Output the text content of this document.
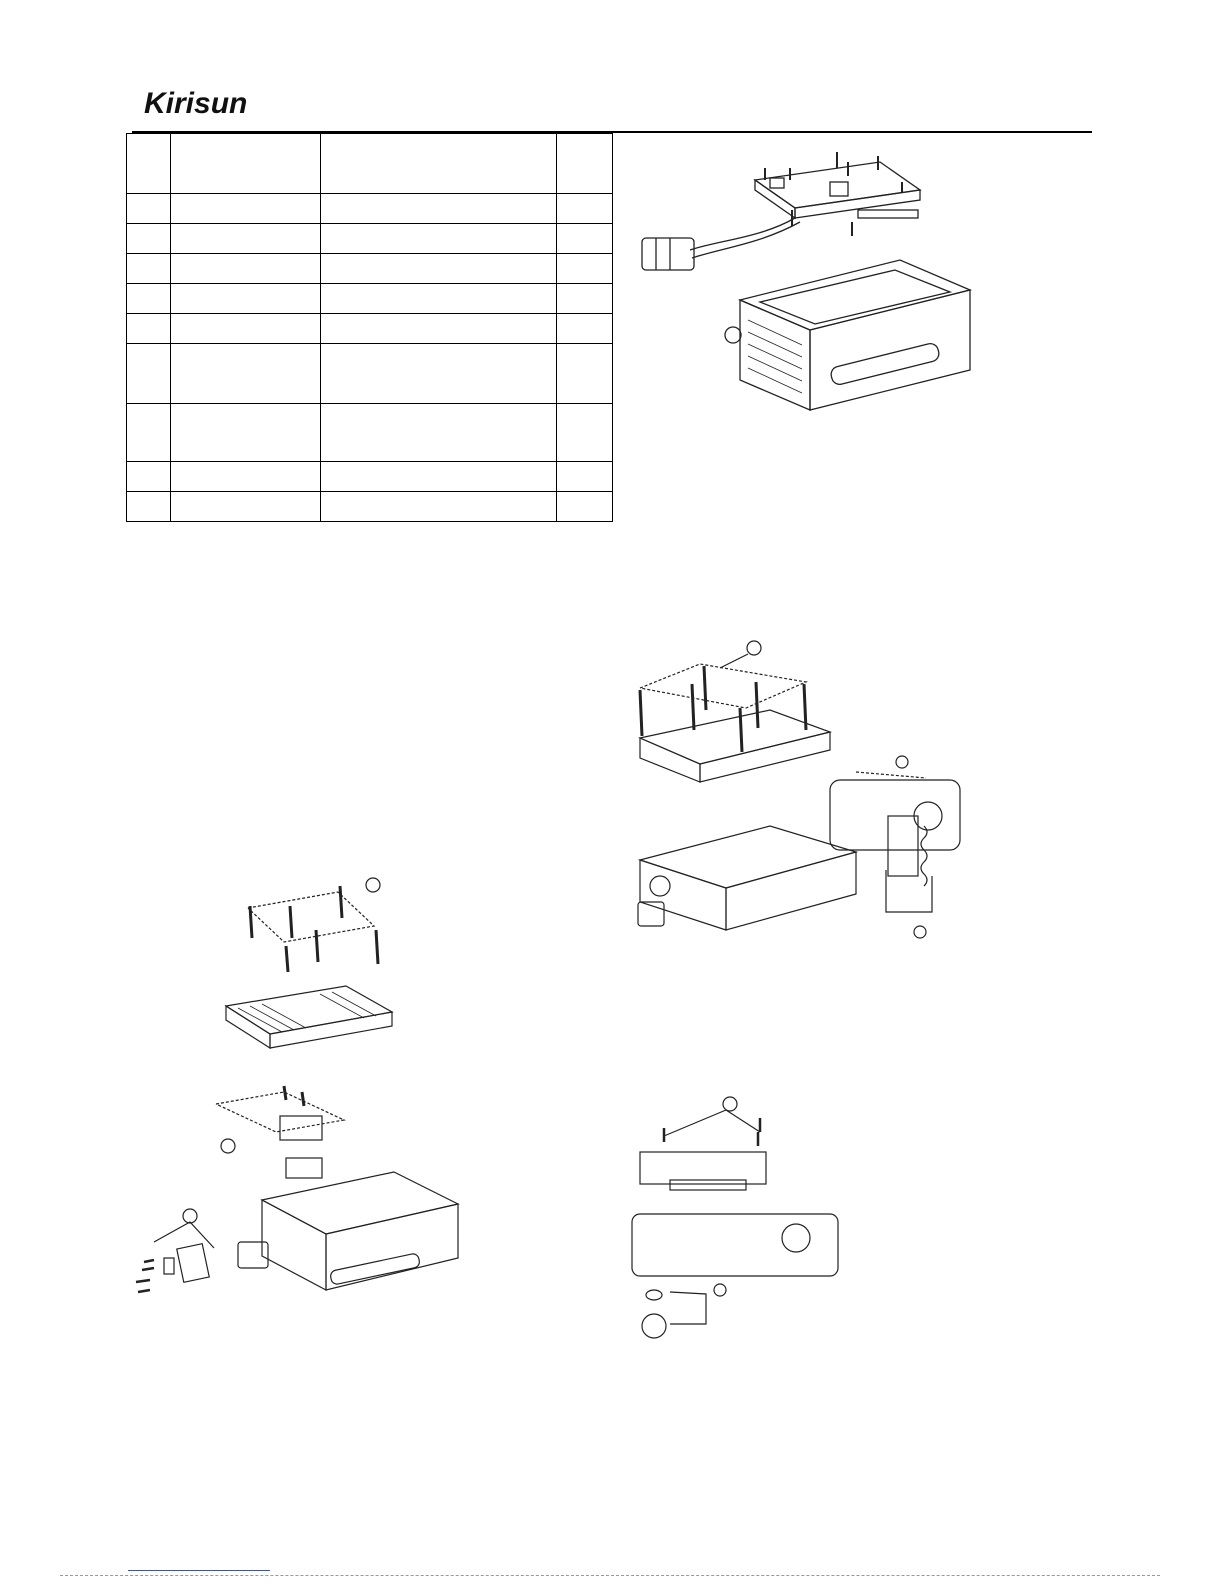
Kirisun
